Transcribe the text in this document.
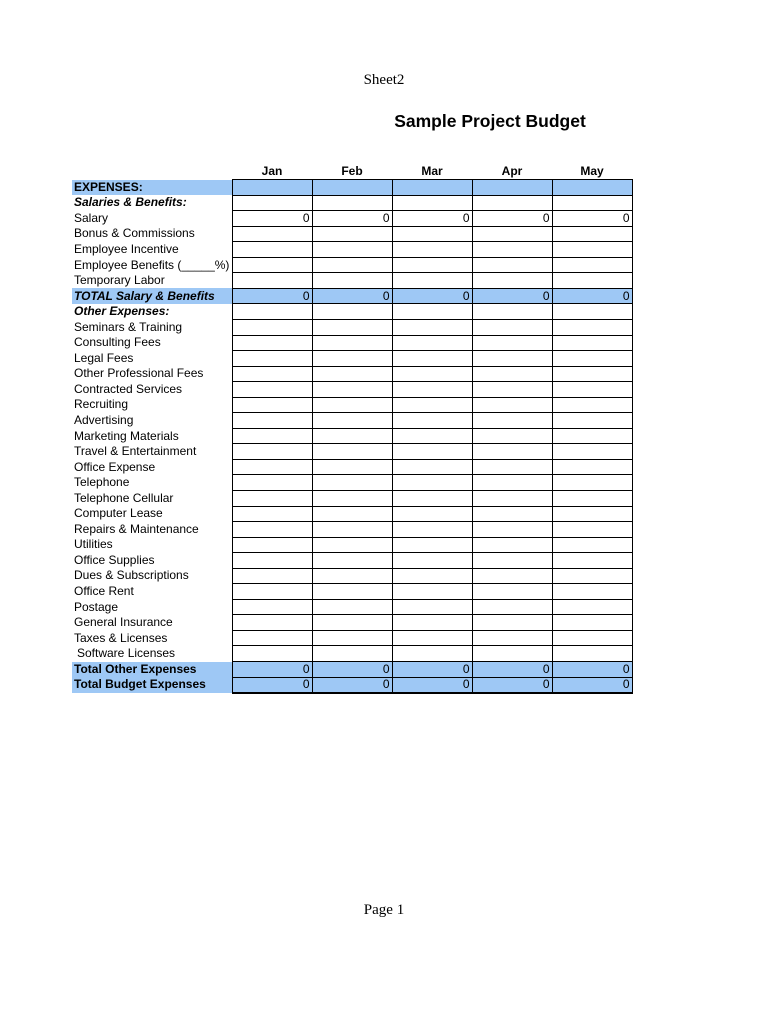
Sheet2
Sample Project Budget
	Jan	Feb	Mar	Apr	May
EXPENSES:					
Salaries & Benefits:					
Salary	0	0	0	0	0
Bonus & Commissions					
Employee Incentive					
Employee Benefits (_____%)					
Temporary Labor					
TOTAL Salary & Benefits	0	0	0	0	0
Other Expenses:					
Seminars & Training					
Consulting Fees					
Legal Fees					
Other Professional Fees					
Contracted Services					
Recruiting					
Advertising					
Marketing Materials					
Travel & Entertainment					
Office Expense					
Telephone					
Telephone Cellular					
Computer Lease					
Repairs & Maintenance					
Utilities					
Office Supplies					
Dues & Subscriptions					
Office Rent					
Postage					
General Insurance					
Taxes & Licenses					
Software Licenses					
Total Other Expenses	0	0	0	0	0
Total Budget Expenses	0	0	0	0	0
Page 1
